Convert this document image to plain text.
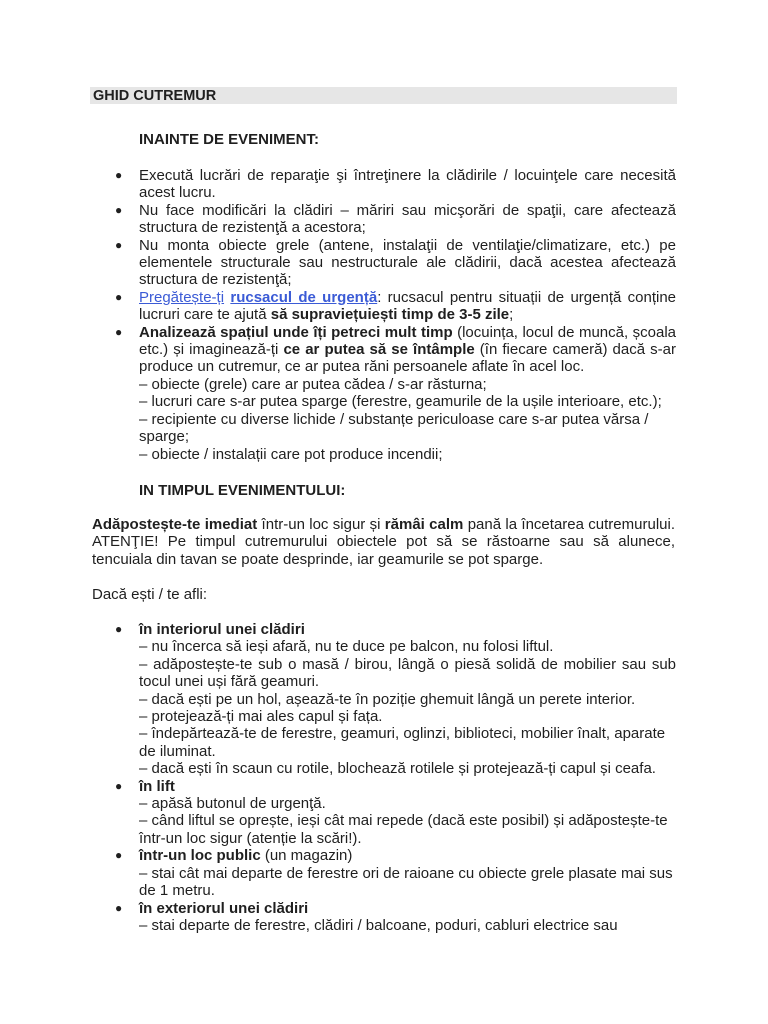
GHID CUTREMUR
INAINTE DE EVENIMENT:
● Execută lucrări de reparaţie şi întreţinere la clădirile / locuinţele care necesită acest lucru.
● Nu face modificări la clădiri – măriri sau micşorări de spaţii, care afectează structura de rezistenţă a acestora;
● Nu monta obiecte grele (antene, instalaţii de ventilaţie/climatizare, etc.) pe elementele structurale sau nestructurale ale clădirii, dacă acestea afectează structura de rezistenţă;
● Pregătește-ți rucsacul de urgență: rucsacul pentru situații de urgență conține lucruri care te ajută să supraviețuiești timp de 3-5 zile;
● Analizează spațiul unde îți petreci mult timp (locuința, locul de muncă, școala etc.) și imaginează-ți ce ar putea să se întâmple (în fiecare cameră) dacă s-ar produce un cutremur, ce ar putea răni persoanele aflate în acel loc.
– obiecte (grele) care ar putea cădea / s-ar răsturna;
– lucruri care s-ar putea sparge (ferestre, geamurile de la ușile interioare, etc.);
– recipiente cu diverse lichide / substanțe periculoase care s-ar putea vărsa / sparge;
– obiecte / instalații care pot produce incendii;
IN TIMPUL EVENIMENTULUI:
Adăpostește-te imediat într-un loc sigur și rămâi calm pană la încetarea cutremurului. ATENŢIE! Pe timpul cutremurului obiectele pot să se răstoarne sau să alunece, tencuiala din tavan se poate desprinde, iar geamurile se pot sparge.
Dacă ești / te afli:
● în interiorul unei clădiri
– nu încerca să ieși afară, nu te duce pe balcon, nu folosi liftul.
– adăpostește-te sub o masă / birou, lângă o piesă solidă de mobilier sau sub tocul unei uși fără geamuri.
– dacă ești pe un hol, așează-te în poziție ghemuit lângă un perete interior.
– protejează-ți mai ales capul și fața.
– îndepărtează-te de ferestre, geamuri, oglinzi, biblioteci, mobilier înalt, aparate de iluminat.
– dacă ești în scaun cu rotile, blochează rotilele și protejează-ți capul și ceafa.
● în lift
– apăsă butonul de urgenţă.
– când liftul se oprește, ieși cât mai repede (dacă este posibil) și adăpostește-te într-un loc sigur (atenție la scări!).
● într-un loc public (un magazin)
– stai cât mai departe de ferestre ori de raioane cu obiecte grele plasate mai sus de 1 metru.
● în exteriorul unei clădiri
– stai departe de ferestre, clădiri / balcoane, poduri, cabluri electrice sau
